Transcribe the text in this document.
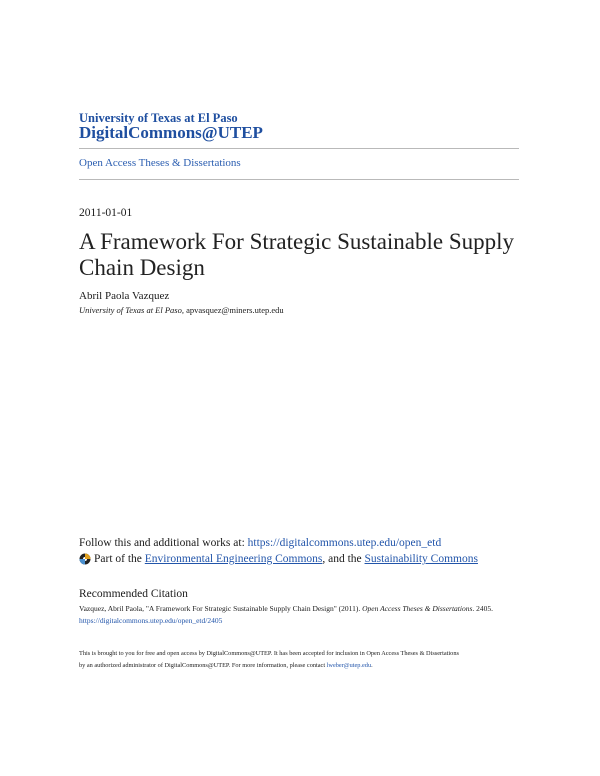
University of Texas at El Paso
DigitalCommons@UTEP
Open Access Theses & Dissertations
2011-01-01
A Framework For Strategic Sustainable Supply Chain Design
Abril Paola Vazquez
University of Texas at El Paso, apvasquez@miners.utep.edu
Follow this and additional works at: https://digitalcommons.utep.edu/open_etd
Part of the
Environmental Engineering Commons , and the
Sustainability Commons
Recommended Citation
Vazquez, Abril Paola, "A Framework For Strategic Sustainable Supply Chain Design" (2011). Open Access Theses & Dissertations. 2405.
https://digitalcommons.utep.edu/open_etd/2405
This is brought to you for free and open access by DigitalCommons@UTEP. It has been accepted for inclusion in Open Access Theses & Dissertations
by an authorized administrator of DigitalCommons@UTEP. For more information, please contact lweber@utep.edu.
